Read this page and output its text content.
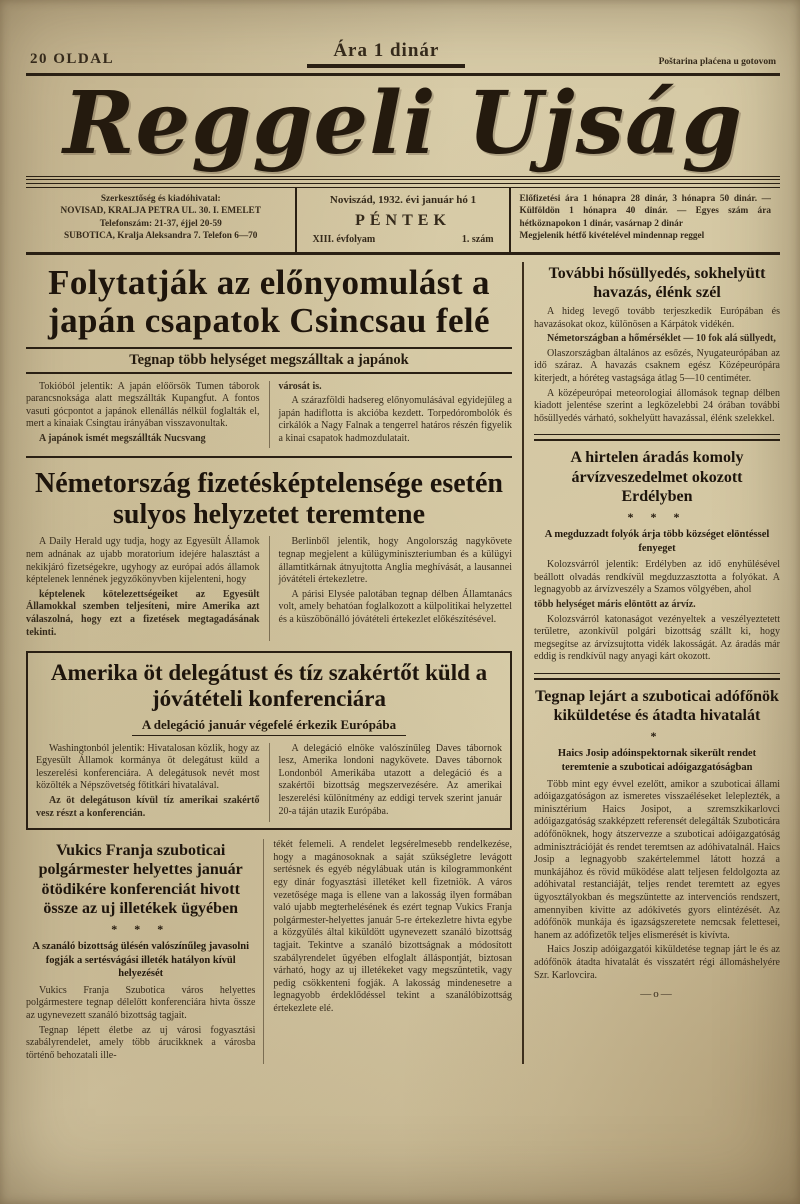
20 OLDAL	Ára 1 dinár
Poštarina plaćena u gotovom
Reggeli Ujság
Szerkesztőség és kiadóhivatal:
NOVISAD, KRALJA PETRA UL. 30. I. EMELET
Telefonszám: 21-37, éjjel 20-59
SUBOTICA, Kralja Aleksandra 7. Telefon 6—70
Noviszád, 1932. évi január hó 1
PÉNTEK
XIII. évfolyam	1. szám
Előfizetési ára 1 hónapra 28 dinár, 3 hónapra 50 dinár. — Külföldön 1 hónapra 40 dinár. — Egyes szám ára hétköznapokon 1 dinár, vasárnap 2 dinár
Megjelenik hétfő kivételével mindennap reggel
Folytatják az előnyomulást a japán csapatok Csincsau felé
Tegnap több helységet megszálltak a japánok

Tokióból jelentik: A japán előőrsök Tumen táborok parancsnoksága alatt megszállták Kupangfut. A fontos vasuti gócpontot a japánok ellenállás nélkül foglalták el, mert a kinaiak Csingtau irányában visszavonultak.

A japánok ismét megszállták Nucsvang

városát is.

A szárazföldi hadsereg előnyomulásával egyidejűleg a japán hadiflotta is akcióba kezdett. Torpedórombolók és cirkálók a Nagy Falnak a tengerrel határos részén figyelik a kinai csapatok hadmozdulatait.

Németország fizetésképtelensége esetén sulyos helyzetet teremtene

A Daily Herald ugy tudja, hogy az Egyesült Államok nem adnának az ujabb moratorium idejére halasztást a nekikjáró fizetségekre, ugyhogy az európai adós államok képtelenek lennének jegyzőkönyvben kijelenteni, hogy

képtelenek kötelezettségeiket az Egyesült Államokkal szemben teljesíteni, mire Amerika azt válaszolná, hogy ezt a fizetések megtagadásának tekinti.

Berlinből jelentik, hogy Angolország nagykövete tegnap megjelent a külügyminiszteriumban és a külügyi államtitkárnak átnyujtotta Anglia meghívását, a lausannei jóvátételi értekezletre.

A párisi Elysée palotában tegnap délben Államtanács volt, amely behatóan foglalkozott a külpolitikai helyzettel és a küszöbönálló jóvátételi értekezlet előkészítésével.

Amerika öt delegátust és tíz szakértőt küld a jóvátételi konferenciára
A delegáció január végefelé érkezik Európába

Washingtonból jelentik: Hivatalosan közlik, hogy az Egyesült Államok kormánya öt delegátust küld a leszerelési konferenciára. A delegátusok nevét most közölték a Népszövetség főtitkári hivatalával.

Az öt delegátuson kívül tíz amerikai szakértő vesz részt a konferencián.

A delegáció elnöke valószínűleg Daves tábornok lesz, Amerika londoni nagykövete. Daves tábornok Londonból Amerikába utazott a delegáció és a szakértői bizottság megszervezésére. Az amerikai leszerelési különítmény az eddigi tervek szerint január 20-a táján utazik Európába.

Vukics Franja szuboticai polgármester helyettes január ötödikére konferenciát hivott össze az uj illetékek ügyében
* * *
A szanáló bizottság ülésén valószínűleg javasolni fogják a sertésvágási illeték hatályon kívül helyezését

Vukics Franja Szubotica város helyettes polgármestere tegnap délelőtt konferenciára hivta össze az ugynevezett szanáló bizottság tagjait.

Tegnap lépett életbe az uj városi fogyasztási szabályrendelet, amely több árucikknek a városba történő behozatali ille-

tékét felemeli. A rendelet legsérelmesebb rendelkezése, hogy a magánosoknak a saját szükségletre levágott sertésnek és egyéb négylábuak után is kilogrammonként egy dinár fogyasztási illetéket kell fizetniök. A város vezetősége maga is ellene van a lakosság ilyen formában való ujabb megterhelésének és ezért tegnap Vukics Franja polgármester-helyettes január 5-re értekezletre hivta egybe a közgyűlés által kiküldött ugynevezett szanáló bizottság tagjait. Tekintve a szanáló bizottságnak a módosított szabályrendelet ügyében elfoglalt álláspontját, biztosan várható, hogy az uj illetékeket vagy megszüntetik, vagy pedig csökkenteni fogják. A lakosság mindenesetre a legnagyobb érdeklődéssel tekint a szanálóbizottság értekezlete elé.

További hősüllyedés, sokhelyütt havazás, élénk szél

A hideg levegő tovább terjeszkedik Európában és havazásokat okoz, különösen a Kárpátok vidékén.

Németországban a hőmérséklet — 10 fok alá süllyedt,

Olaszországban általános az esőzés, Nyugateurópában az idő száraz. A havazás csaknem egész Középeurópára kiterjedt, a hóréteg vastagsága átlag 5—10 centiméter.

A középeurópai meteorologiai állomások tegnap délben kiadott jelentése szerint a legközelebbi 24 órában további hősüllyedés várható, sokhelyütt havazással, élénk szelekkel.

A hirtelen áradás komoly árvízveszedelmet okozott Erdélyben
* * *
A megduzzadt folyók árja több községet elöntéssel fenyeget

Kolozsvárról jelentik: Erdélyben az idő enyhülésével beállott olvadás rendkívül megduzzasztotta a folyókat. A legnagyobb az árvízveszély a Szamos völgyében, ahol

több helységet máris elöntött az árvíz.

Kolozsvárról katonaságot vezényeltek a veszélyeztetett területre, azonkívül polgári bizottság szállt ki, hogy megsegítse az árvízsujtotta vidék lakosságát. Az áradás már eddig is rendkívül nagy anyagi kárt okozott.

Tegnap lejárt a szuboticai adófőnök kiküldetése és átadta hivatalát
*
Haics Josip adóinspektornak sikerült rendet teremtenie a szuboticai adóigazgatóságban

Több mint egy évvel ezelőtt, amikor a szuboticai állami adóigazgatóságon az ismeretes visszaéléseket leleplezték, a minisztérium Haics Josipot, a szremszkikarlovci adóigazgatóság szakképzett referensét delegálták Szuboticára adófőnöknek, hogy átszervezze a szuboticai adóigazgatóság adminisztrációját és rendet teremtsen az adóhivatalnál. Haics Josip a legnagyobb szakértelemmel látott hozzá a munkájához és rövid működése alatt teljesen feldolgozta az adóhivatal restanciáját, teljes rendet teremtett az egyes ügyosztályokban és megszüntette az intervenciós rendszert, amennyiben kivitte az adókivetés gyors elintézését. Az adófőnök munkája és igazságszeretete nemcsak felettesei, hanem az adófizetők teljes elismerését is kivívta.

Haics Joszip adóigazgatói kiküldetése tegnap járt le és az adófőnök átadta hivatalát és visszatért régi állomáshelyére Szr. Karlovcira.

—o—
